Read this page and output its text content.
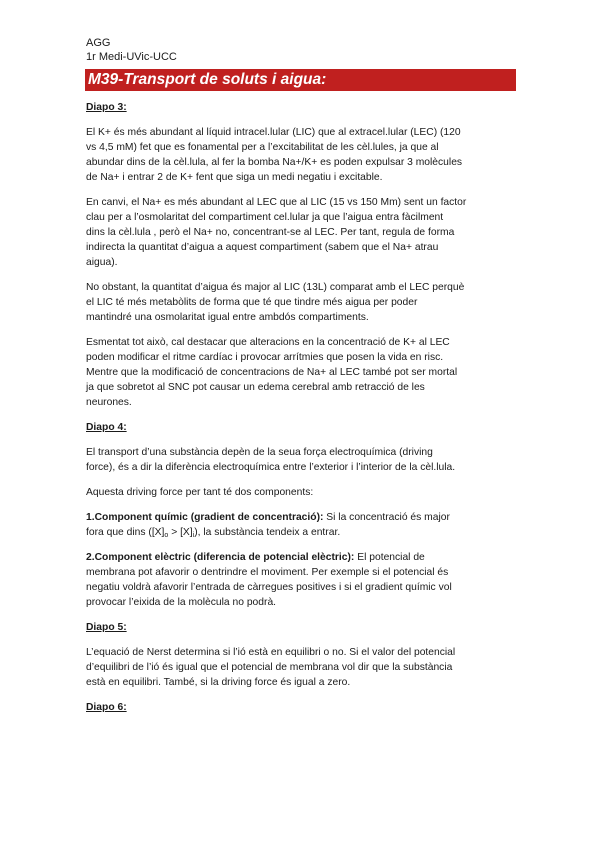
AGG
1r Medi-UVic-UCC
M39-Transport de soluts i aigua:
Diapo 3:

El K+ és més abundant al líquid intracel.lular (LIC) que al extracel.lular (LEC) (120
vs 4,5 mM) fet que es fonamental per a l’excitabilitat de les cèl.lules, ja que al
abundar dins de la cèl.lula, al fer la bomba Na+/K+ es poden expulsar 3 molècules
de Na+ i entrar 2 de K+ fent que siga un medi negatiu i excitable.

En canvi, el Na+ es més abundant al LEC que al LIC (15 vs 150 Mm) sent un factor
clau per a l’osmolaritat del compartiment cel.lular ja que l’aigua entra fàcilment
dins la cèl.lula , però el Na+ no, concentrant-se al LEC. Per tant, regula de forma
indirecta la quantitat d’aigua a aquest compartiment (sabem que el Na+ atrau
aigua).

No obstant, la quantitat d’aigua és major al LIC (13L) comparat amb el LEC perquè
el LIC té més metabòlits de forma que té que tindre més aigua per poder
mantindré una osmolaritat igual entre ambdós compartiments.

Esmentat tot això, cal destacar que alteracions en la concentració de K+ al LEC
poden modificar el ritme cardíac i provocar arrítmies que posen la vida en risc.
Mentre que la modificació de concentracions de Na+ al LEC també pot ser mortal
ja que sobretot al SNC pot causar un edema cerebral amb retracció de les
neurones.

Diapo 4:

El transport d’una substància depèn de la seua força electroquímica (driving
force), és a dir la diferència electroquímica entre l’exterior i l’interior de la cèl.lula.

Aquesta driving force per tant té dos components:

1.Component químic (gradient de concentració): Si la concentració és major
fora que dins $([X]_o > [X]_i)$, la substància tendeix a entrar.

2.Component elèctric (diferencia de potencial elèctric): El potencial de
membrana pot afavorir o dentrindre el moviment. Per exemple si el potencial és
negatiu voldrà afavorir l’entrada de càrregues positives i si el gradient químic vol
provocar l’eixida de la molècula no podrà.

Diapo 5:

L’equació de Nerst determina si l’ió està en equilibri o no. Si el valor del potencial
d’equilibri de l’ió és igual que el potencial de membrana vol dir que la substància
està en equilibri. També, si la driving force és igual a zero.

Diapo 6:
